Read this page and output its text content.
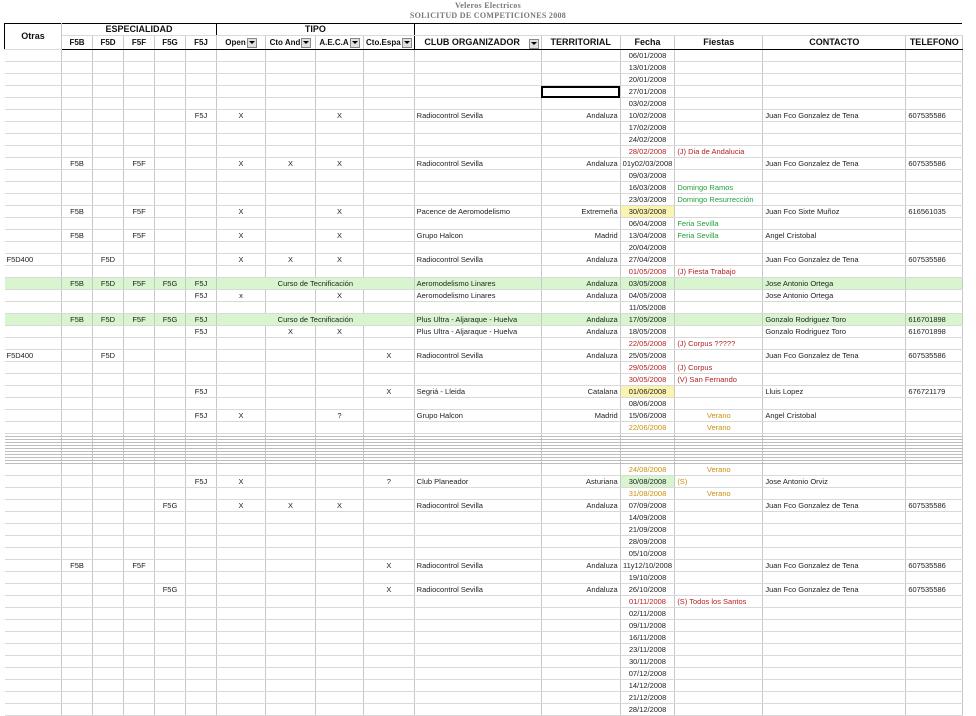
Veleros Electricos
SOLICITUD DE COMPETICIONES 2008
Otras	ESPECIALIDAD					TIPO									
	F5B	F5D	F5F	F5G	F5J	Open	Cto And	A.E.C.A	Cto.Espa	CLUB ORGANIZADOR	TERRITORIAL	Fecha	Fiestas	CONTACTO	TELEFONO
												06/01/2008			
												13/01/2008			
												20/01/2008			
												27/01/2008			
												03/02/2008			
					F5J	X		X		Radiocontrol Sevilla	Andaluza	10/02/2008		Juan Fco Gonzalez de Tena	607535586
												17/02/2008			
												24/02/2008			
												28/02/2008	(J) Dia de Andalucia		
	F5B		F5F			X	X	X		Radiocontrol Sevilla	Andaluza	01y02/03/2008		Juan Fco Gonzalez de Tena	607535586
												09/03/2008			
												16/03/2008	Domingo Ramos		
												23/03/2008	Domingo Resurrección		
	F5B		F5F			X		X		Pacence de Aeromodelismo	Extremeña	30/03/2008		Juan Fco Sixte Muñoz	616561035
												06/04/2008	Feria Sevilla		
	F5B		F5F			X		X		Grupo Halcon	Madrid	13/04/2008	Feria Sevilla	Angel Cristobal	
												20/04/2008			
F5D400		F5D				X	X	X		Radiocontrol Sevilla	Andaluza	27/04/2008		Juan Fco Gonzalez de Tena	607535586
												01/05/2008	(J) Fiesta Trabajo		
	F5B	F5D	F5F	F5G	F5J	Curso de Tecnificación				Aeromodelismo Linares	Andaluza	03/05/2008		Jose Antonio Ortega	
					F5J	x		X		Aeromodelismo Linares	Andaluza	04/05/2008		Jose Antonio Ortega	
												11/05/2008			
	F5B	F5D	F5F	F5G	F5J	Curso de Tecnificación				Plus Ultra - Aljaraque - Huelva	Andaluza	17/05/2008		Gonzalo Rodriguez Toro	616701898
					F5J		X	X		Plus Ultra - Aljaraque - Huelva	Andaluza	18/05/2008		Gonzalo Rodriguez Toro	616701898
												22/05/2008	(J) Corpus ?????		
F5D400		F5D							X	Radiocontrol Sevilla	Andaluza	25/05/2008		Juan Fco Gonzalez de Tena	607535586
												29/05/2008	(J) Corpus		
												30/05/2008	(V) San Fernando		
					F5J				X	Segriá - Lleida	Catalana	01/06/2008		Lluis Lopez	676721179
												08/06/2008			
					F5J	X		?		Grupo Halcon	Madrid	15/06/2008	Verano	Angel Cristobal	
												22/06/2008	Verano		

												24/08/2008	Verano		
					F5J	X			?	Club Planeador	Asturiana	30/08/2008	(S)	Jose Antonio Orviz	
												31/08/2008	Verano		
				F5G		X	X	X		Radiocontrol Sevilla	Andaluza	07/09/2008		Juan Fco Gonzalez de Tena	607535586
												14/09/2008			
												21/09/2008			
												28/09/2008			
												05/10/2008			
	F5B		F5F						X	Radiocontrol Sevilla	Andaluza	11y12/10/2008		Juan Fco Gonzalez de Tena	607535586
												19/10/2008			
				F5G					X	Radiocontrol Sevilla	Andaluza	26/10/2008		Juan Fco Gonzalez de Tena	607535586
												01/11/2008	(S) Todos los Santos		
												02/11/2008			
												09/11/2008			
												16/11/2008			
												23/11/2008			
												30/11/2008			
												07/12/2008			
												14/12/2008			
												21/12/2008			
												28/12/2008			
